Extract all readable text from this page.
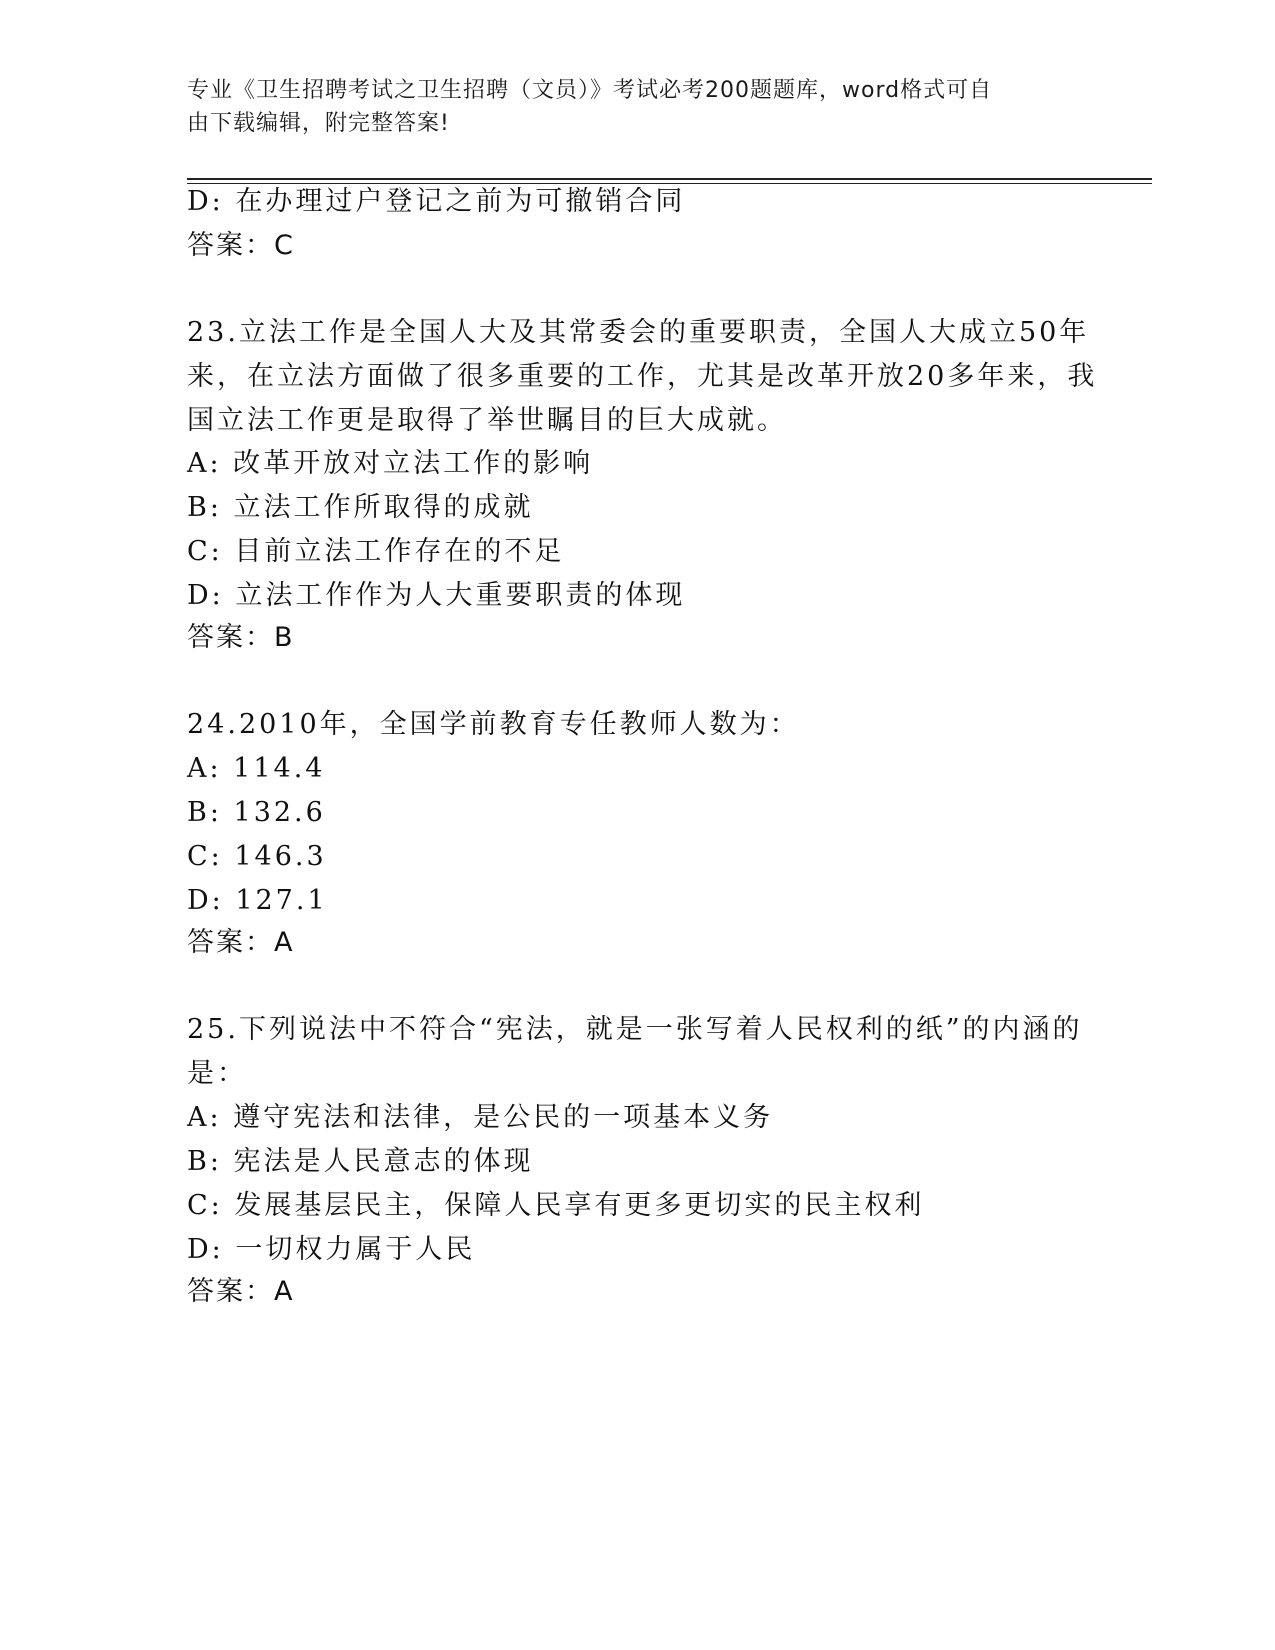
专业《卫生招聘考试之卫生招聘（文员）》考试必考200题题库，word格式可自
由下载编辑，附完整答案!
D: 在办理过户登记之前为可撤销合同
答案：C
23.立法工作是全国人大及其常委会的重要职责，全国人大成立50年
来，在立法方面做了很多重要的工作，尤其是改革开放20多年来，我
国立法工作更是取得了举世瞩目的巨大成就。
A: 改革开放对立法工作的影响
B: 立法工作所取得的成就
C: 目前立法工作存在的不足
D: 立法工作作为人大重要职责的体现
答案：B
24.2010年，全国学前教育专任教师人数为：
A: 114.4
B: 132.6
C: 146.3
D: 127.1
答案：A
25.下列说法中不符合“宪法，就是一张写着人民权利的纸”的内涵的
是：
A: 遵守宪法和法律，是公民的一项基本义务
B: 宪法是人民意志的体现
C: 发展基层民主，保障人民享有更多更切实的民主权利
D: 一切权力属于人民
答案：A
